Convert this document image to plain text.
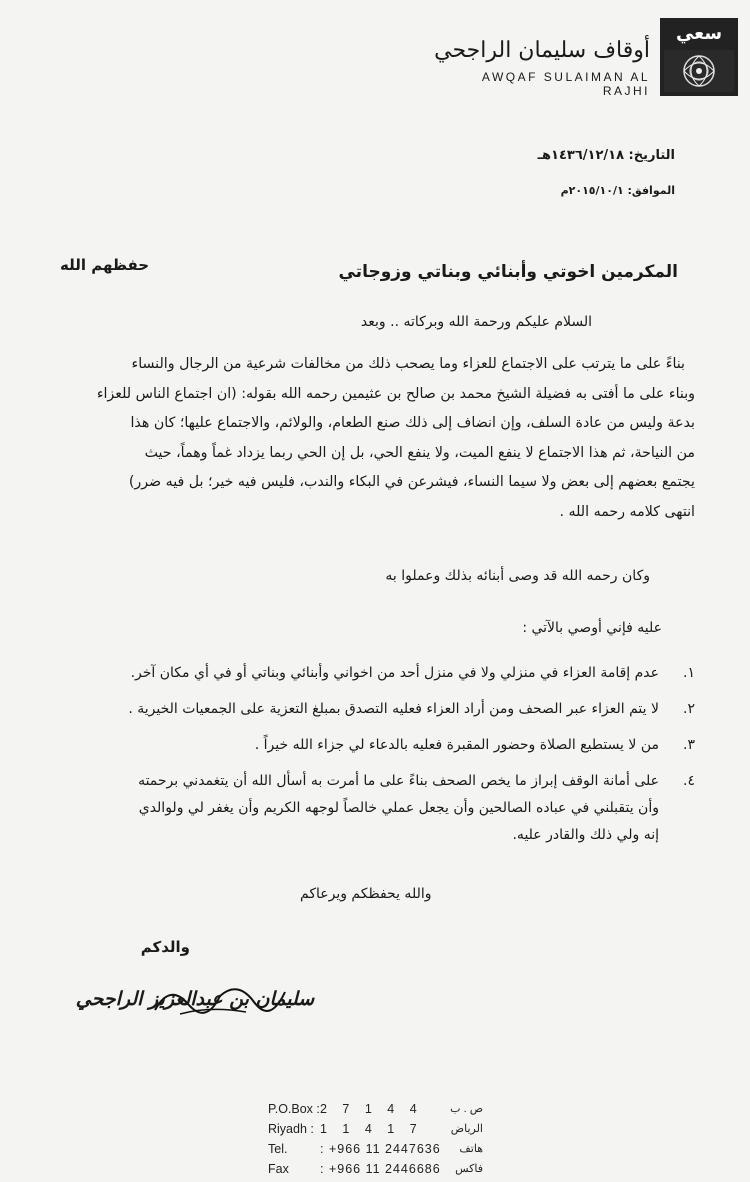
سعي
أوقاف سليمان الراجحي
AWQAF SULAIMAN AL RAJHI
التاريخ: ١٤٣٦/١٢/١٨هـ
الموافق: ٢٠١٥/١٠/١م
حفظهم الله	المكرمين اخوتي وأبنائي وبناتي وزوجاتي
السلام عليكم ورحمة الله وبركاته .. وبعد
بناءً على ما يترتب على الاجتماع للعزاء وما يصحب ذلك من مخالفات شرعية من الرجال والنساء
وبناء على ما أفتى به فضيلة الشيخ محمد بن صالح بن عثيمين رحمه الله بقوله: (ان اجتماع الناس للعزاء
بدعة وليس من عادة السلف، وإن انضاف إلى ذلك صنع الطعام، والولائم، والاجتماع عليها؛ كان هذا
من النياحة، ثم هذا الاجتماع لا ينفع الميت، ولا ينفع الحي، بل إن الحي ربما يزداد غماً وهماً، حيث
يجتمع بعضهم إلى بعض ولا سيما النساء، فيشرعن في البكاء والندب، فليس فيه خير؛ بل فيه ضرر)
انتهى كلامه رحمه الله .
وكان رحمه الله قد وصى أبنائه بذلك وعملوا به
عليه فإني أوصي بالآتي :
١.
عدم إقامة العزاء في منزلي ولا في منزل أحد من اخواني وأبنائي وبناتي أو في أي مكان آخر.
٢.
لا يتم العزاء عبر الصحف ومن أراد العزاء فعليه التصدق بمبلغ التعزية على الجمعيات الخيرية .
٣.
من لا يستطيع الصلاة وحضور المقبرة فعليه بالدعاء لي جزاء الله خيراً .
٤.
على أمانة الوقف إبراز ما يخص الصحف بناءً على ما أمرت به أسأل الله أن يتغمدني برحمته
وأن يتقبلني في عباده الصالحين وأن يجعل عملي خالصاً لوجهه الكريم وأن يغفر لي ولوالدي
إنه ولي ذلك والقادر عليه.
والله يحفظكم ويرعاكم
والدكم
سليمان بن عبدالعزيز الراجحي
P.O.Box : 2 7 1 4 4	ص . ب
Riyadh : 1 1 4 1 7	الرياض
Tel.	: +966 11 2447636 هاتف
Fax : +966 11 2446686 فاكس
